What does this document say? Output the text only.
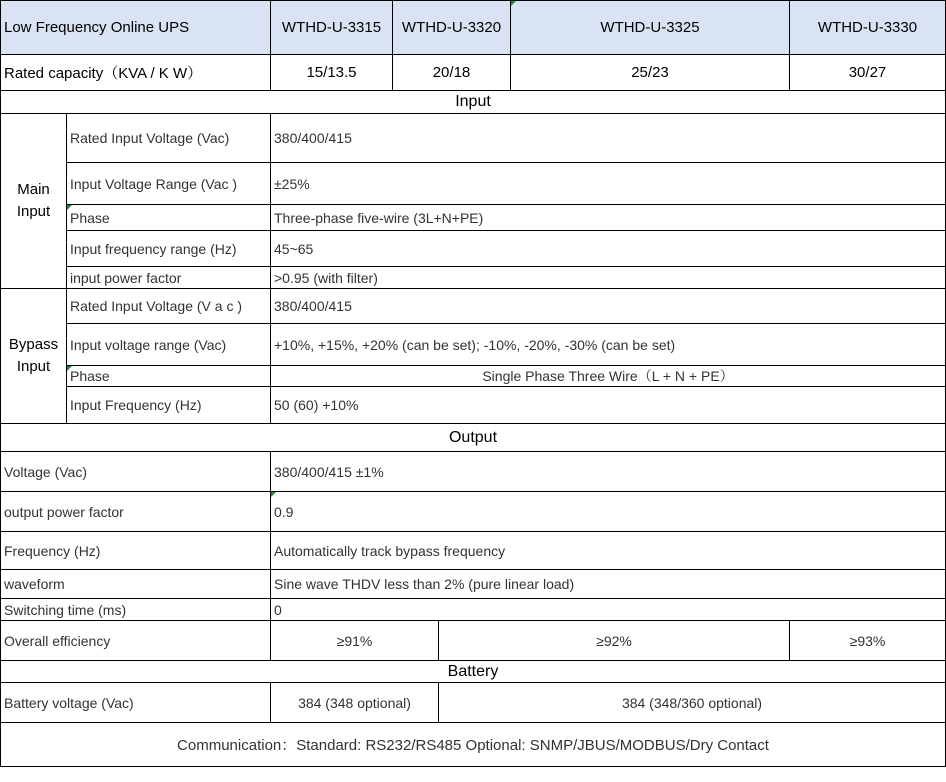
Low Frequency Online UPS		WTHD-U-3315	WTHD-U-3320		WTHD-U-3325	WTHD-U-3330	
Rated capacity（KVA / K W）		15/13.5	20/18		25/23	30/27	
Input							
Main Input	Rated Input Voltage (Vac)	380/400/415					
	Input Voltage Range (Vac )	±25%					
	Phase	Three-phase five-wire (3L+N+PE)					
	Input frequency range (Hz)	45~65					
	input power factor	>0.95 (with filter)					
Bypass Input	Rated Input Voltage (V a c )	380/400/415					
	Input voltage range (Vac)	+10%, +15%, +20% (can be set); -10%, -20%, -30% (can be set)					
	Phase	Single Phase Three Wire（L + N + PE）					
	Input Frequency (Hz)	50 (60) +10%					
Output							
Voltage (Vac)		380/400/415 ±1%					
output power factor		0.9					
Frequency (Hz)		Automatically track bypass frequency					
waveform		Sine wave THDV less than 2% (pure linear load)					
Switching time (ms)		0					
Overall efficiency		≥91%		≥92%		≥93%	
Battery							
Battery voltage (Vac)		384 (348 optional)		384 (348/360 optional)			
Communication：Standard: RS232/RS485 Optional: SNMP/JBUS/MODBUS/Dry Contact							
